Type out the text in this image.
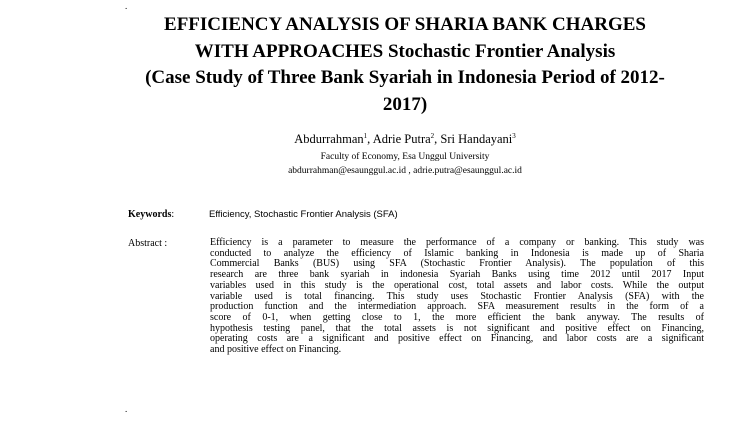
.
EFFICIENCY ANALYSIS OF SHARIA BANK CHARGES
WITH APPROACHES Stochastic Frontier Analysis
(Case Study of Three Bank Syariah in Indonesia Period of 2012-
2017)
Abdurrahman$^1$, Adrie Putra$^2$, Sri Handayani$^3$
Faculty of Economy, Esa Unggul University
abdurrahman@esaunggul.ac.id , adrie.putra@esaunggul.ac.id
Keywords:	Efficiency, Stochastic Frontier Analysis (SFA)
Abstract :	Efficiency is a parameter to measure the performance of a company or banking. This study was
conducted to analyze the efficiency of Islamic banking in Indonesia is made up of Sharia
Commercial Banks (BUS) using SFA (Stochastic Frontier Analysis). The population of this
research are three bank syariah in indonesia Syariah Banks using time 2012 until 2017 Input
variables used in this study is the operational cost, total assets and labor costs. While the output
variable used is total financing. This study uses Stochastic Frontier Analysis (SFA) with the
production function and the intermediation approach. SFA measurement results in the form of a
score of 0-1, when getting close to 1, the more efficient the bank anyway. The results of
hypothesis testing panel, that the total assets is not significant and positive effect on Financing,
operating costs are a significant and positive effect on Financing, and labor costs are a significant
and positive effect on Financing.
.
